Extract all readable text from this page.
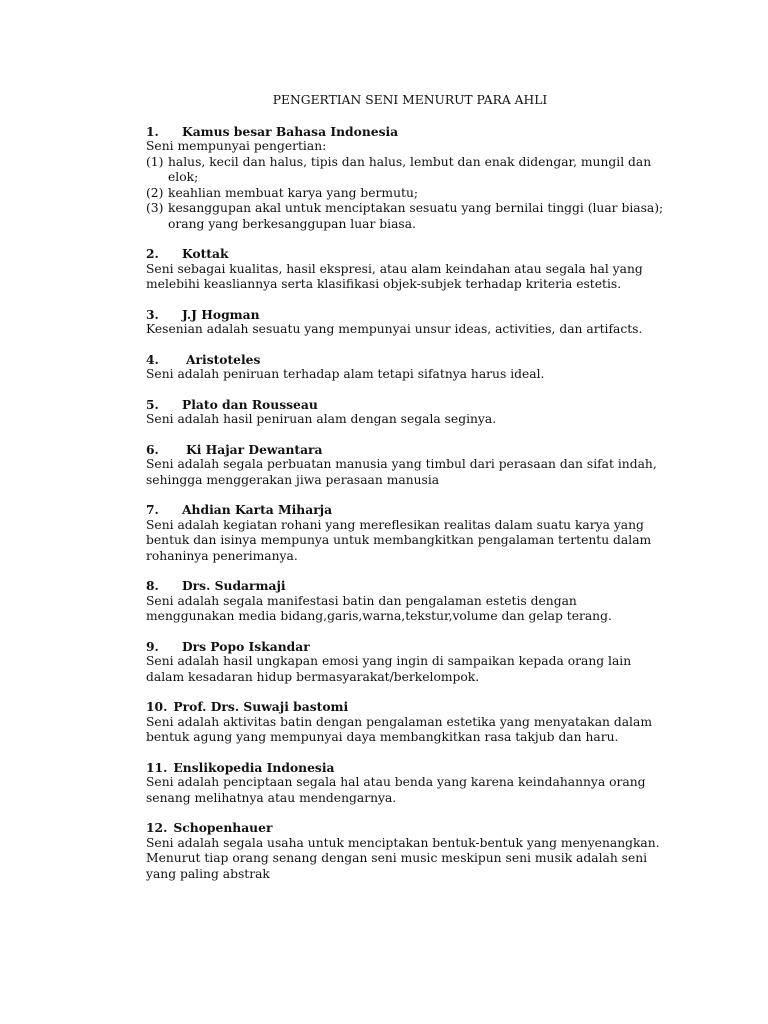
PENGERTIAN SENI MENURUT PARA AHLI
1.	Kamus besar Bahasa Indonesia

Seni mempunyai pengertian:

(1) halus, kecil dan halus, tipis dan halus, lembut dan enak didengar, mungil dan elok;
(2) keahlian membuat karya yang bermutu;
(3) kesanggupan akal untuk menciptakan sesuatu yang bernilai tinggi (luar biasa); orang yang berkesanggupan luar biasa.
2.	Kottak

Seni sebagai kualitas, hasil ekspresi, atau alam keindahan atau segala hal yang melebihi keasliannya serta klasifikasi objek-subjek terhadap kriteria estetis.

3.	J.J Hogman

Kesenian adalah sesuatu yang mempunyai unsur ideas, activities, dan artifacts.

4.	Aristoteles

Seni adalah peniruan terhadap alam tetapi sifatnya harus ideal.

5.	Plato dan Rousseau

Seni adalah hasil peniruan alam dengan segala seginya.

6.	Ki Hajar Dewantara

Seni adalah segala perbuatan manusia yang timbul dari perasaan dan sifat indah, sehingga menggerakan jiwa perasaan manusia

7.	Ahdian Karta Miharja

Seni adalah kegiatan rohani yang mereflesikan realitas dalam suatu karya yang bentuk dan isinya mempunya untuk membangkitkan pengalaman tertentu dalam rohaninya penerimanya.

8.	Drs. Sudarmaji

Seni adalah segala manifestasi batin dan pengalaman estetis dengan menggunakan media bidang,garis,warna,tekstur,volume dan gelap terang.

9.	Drs Popo Iskandar

Seni adalah hasil ungkapan emosi yang ingin di sampaikan kepada orang lain dalam kesadaran hidup bermasyarakat/berkelompok.

10. Prof. Drs. Suwaji bastomi

Seni adalah aktivitas batin dengan pengalaman estetika yang menyatakan dalam bentuk agung yang mempunyai daya membangkitkan rasa takjub dan haru.

11. Enslikopedia Indonesia

Seni adalah penciptaan segala hal atau benda yang karena keindahannya orang senang melihatnya atau mendengarnya.

12. Schopenhauer

Seni adalah segala usaha untuk menciptakan bentuk-bentuk yang menyenangkan. Menurut tiap orang senang dengan seni music meskipun seni musik adalah seni yang paling abstrak
